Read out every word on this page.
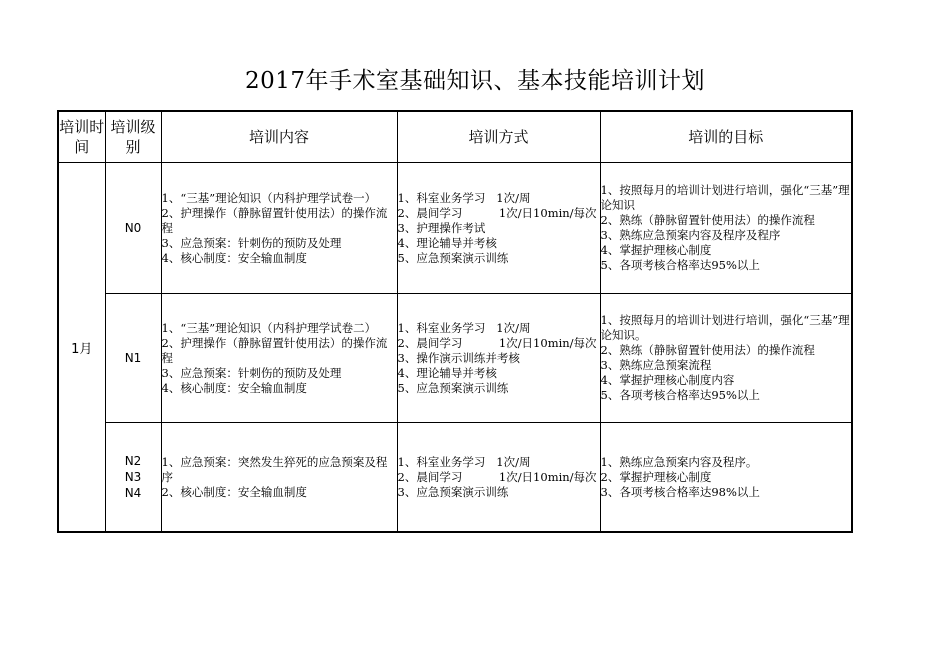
2017年手术室基础知识、基本技能培训计划
培训时间	培训级别	培训内容	培训方式	培训的目标
1月	N0	1、“三基”理论知识（内科护理学试卷一）
2、护理操作（静脉留置针使用法）的操作流程
3、应急预案：针刺伤的预防及处理
4、核心制度：安全输血制度	1、科室业务学习   1次/周
2、晨间学习          1次/日10min/每次
3、护理操作考试
4、理论辅导并考核
5、应急预案演示训练	1、按照每月的培训计划进行培训，强化“三基”理论知识
2、熟练（静脉留置针使用法）的操作流程
3、熟练应急预案内容及程序及程序
4、掌握护理核心制度
5、各项考核合格率达95%以上

	N1	1、“三基”理论知识（内科护理学试卷二）
2、护理操作（静脉留置针使用法）的操作流程
3、应急预案：针刺伤的预防及处理
4、核心制度：安全输血制度	1、科室业务学习   1次/周
2、晨间学习          1次/日10min/每次
3、操作演示训练并考核
4、理论辅导并考核
5、应急预案演示训练	1、按照每月的培训计划进行培训，强化“三基”理论知识。
2、熟练（静脉留置针使用法）的操作流程
3、熟练应急预案流程
4、掌握护理核心制度内容
5、各项考核合格率达95%以上

	N2
N3
N4	1、应急预案：突然发生猝死的应急预案及程序
2、核心制度：安全输血制度	1、科室业务学习   1次/周
2、晨间学习          1次/日10min/每次
3、应急预案演示训练	1、熟练应急预案内容及程序。
2、掌握护理核心制度
3、各项考核合格率达98%以上
